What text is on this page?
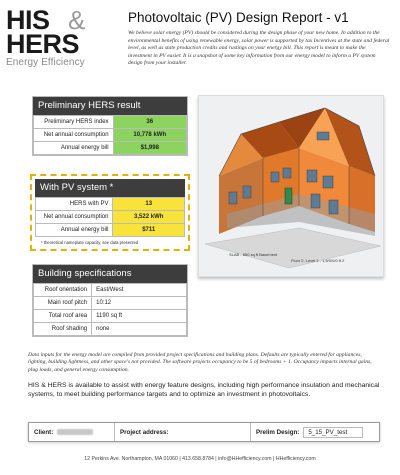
HIS &
HERS
Energy Efficiency
Photovoltaic (PV) Design Report - v1
We believe solar energy (PV) should be considered during the design phase of your new home. In addition to the environmental benefits of using renewable energy, solar power is supported by tax Incentives at the state and federal level, as well as state production credits and rustings on your energy bill. This report is meant to make the investment in PV easier. It is a snapshot of some key information from our energy model to inform a PV system design from your installer.
Preliminary HERS result
Preliminary HERS index	36
Net annual consumption	10,778 kWh
Annual energy bill	$1,998
With PV system *
HERS with PV	13
Net annual consumption	3,522 kWh
Annual energy bill	$711
* theoretical nameplate capacity, see data presented
Building specifications
Roof orientation	East/West
Main roof pitch	10:12
Total roof area	1190 sq ft
Roof shading	none
SLAB - 850 sq ft Basement
Floor 2, Level 1 - 1,5/0/0/0 ft 2
Data inputs for the energy model are compiled from provided project specifications and building plans. Defaults are typically entered for appliances, lighting, building lightness, and other space's not provided. The software projects occupancy to be 5 of bedrooms + 1. Occupancy impacts internal gains, plug loads, and general energy consumption.
HIS & HERS is available to assist with energy feature designs, including high performance insulation and mechanical systems, to meet building performance targets and to optimize an investment in photovoltaics.
Client:	Project address:	Prelim Design:	5_15_PV_test
12 Perkins Ave. Northampton, MA 01060 | 413.658.8784 | info@HHefficiency.com | HHefficiency.com
